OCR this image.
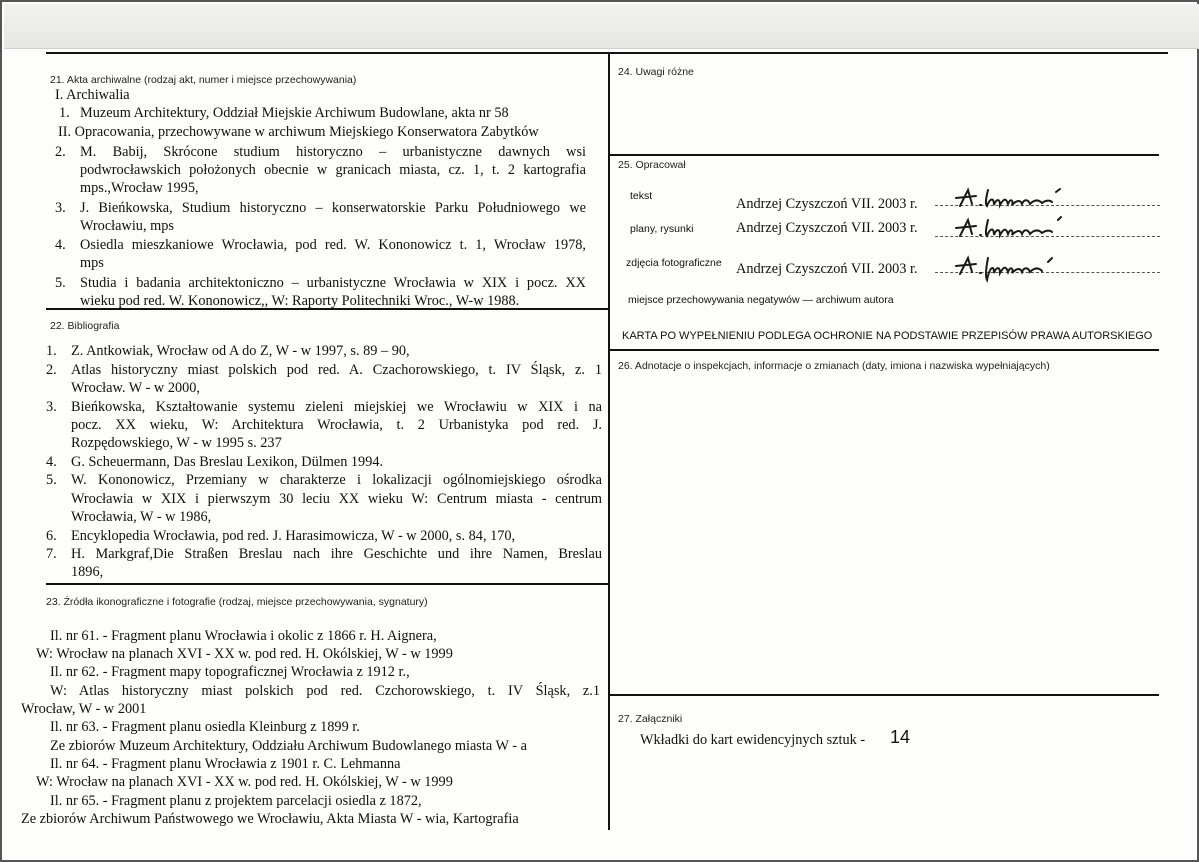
21. Akta archiwalne (rodzaj akt, numer i miejsce przechowywania)
I. Archiwalia
1. Muzeum Architektury, Oddział Miejskie Archiwum Budowlane, akta nr 58
II. Opracowania, przechowywane w archiwum Miejskiego Konserwatora Zabytków
2. M. Babij, Skrócone studium historyczno – urbanistyczne dawnych wsi
podwrocławskich położonych obecnie w granicach miasta, cz. 1, t. 2 kartografia
mps.,Wrocław 1995,
3. J. Bieńkowska, Studium historyczno – konserwatorskie Parku Południowego we
Wrocławiu, mps
4. Osiedla mieszkaniowe Wrocławia, pod red. W. Kononowicz t. 1, Wrocław 1978,
mps
5. Studia i badania architektoniczno – urbanistyczne Wrocławia w XIX i pocz. XX
wieku pod red. W. Kononowicz,, W: Raporty Politechniki Wroc., W-w 1988.
22. Bibliografia
1. Z. Antkowiak, Wrocław od A do Z, W - w 1997, s. 89 – 90,
2. Atlas historyczny miast polskich pod red. A. Czachorowskiego, t. IV Śląsk, z. 1
Wrocław. W - w 2000,
3. Bieńkowska, Kształtowanie systemu zieleni miejskiej we Wrocławiu w XIX i na
pocz. XX wieku, W: Architektura Wrocławia, t. 2 Urbanistyka pod red. J.
Rozpędowskiego, W - w 1995 s. 237
4. G. Scheuermann, Das Breslau Lexikon, Dülmen 1994.
5. W. Kononowicz, Przemiany w charakterze i lokalizacji ogólnomiejskiego ośrodka
Wrocławia w XIX i pierwszym 30 leciu XX wieku W: Centrum miasta - centrum
Wrocławia, W - w 1986,
6. Encyklopedia Wrocławia, pod red. J. Harasimowicza, W - w 2000, s. 84, 170,
7. H. Markgraf,Die Straßen Breslau nach ihre Geschichte und ihre Namen, Breslau
1896,
23. Źródła ikonograficzne i fotografie (rodzaj, miejsce przechowywania, sygnatury)
Il. nr 61. - Fragment planu Wrocławia i okolic z 1866 r. H. Aignera,
W: Wrocław na planach XVI - XX w. pod red. H. Okólskiej, W - w 1999
Il. nr 62. - Fragment mapy topograficznej Wrocławia z 1912 r.,
W: Atlas historyczny miast polskich pod red. Czchorowskiego, t. IV Śląsk, z.1
Wrocław, W - w 2001
Il. nr 63. - Fragment planu osiedla Kleinburg z 1899 r.
Ze zbiorów Muzeum Architektury, Oddziału Archiwum Budowlanego miasta W - a
Il. nr 64. - Fragment planu Wrocławia z 1901 r. C. Lehmanna
W: Wrocław na planach XVI - XX w. pod red. H. Okólskiej, W - w 1999
Il. nr 65. - Fragment planu z projektem parcelacji osiedla z 1872,
Ze zbiorów Archiwum Państwowego we Wrocławiu, Akta Miasta W - wia, Kartografia
24. Uwagi różne
25. Opracował
tekst	Andrzej Czyszczoń VII. 2003 r.
plany, rysunki	Andrzej Czyszczoń VII. 2003 r.
zdjęcia fotograficzne Andrzej Czyszczoń VII. 2003 r.
miejsce przechowywania negatywów — archiwum autora
KARTA PO WYPEŁNIENIU PODLEGA OCHRONIE NA PODSTAWIE PRZEPISÓW PRAWA AUTORSKIEGO
26. Adnotacje o inspekcjach, informacje o zmianach (daty, imiona i nazwiska wypełniających)
27. Załączniki
Wkładki do kart ewidencyjnych sztuk - 14
